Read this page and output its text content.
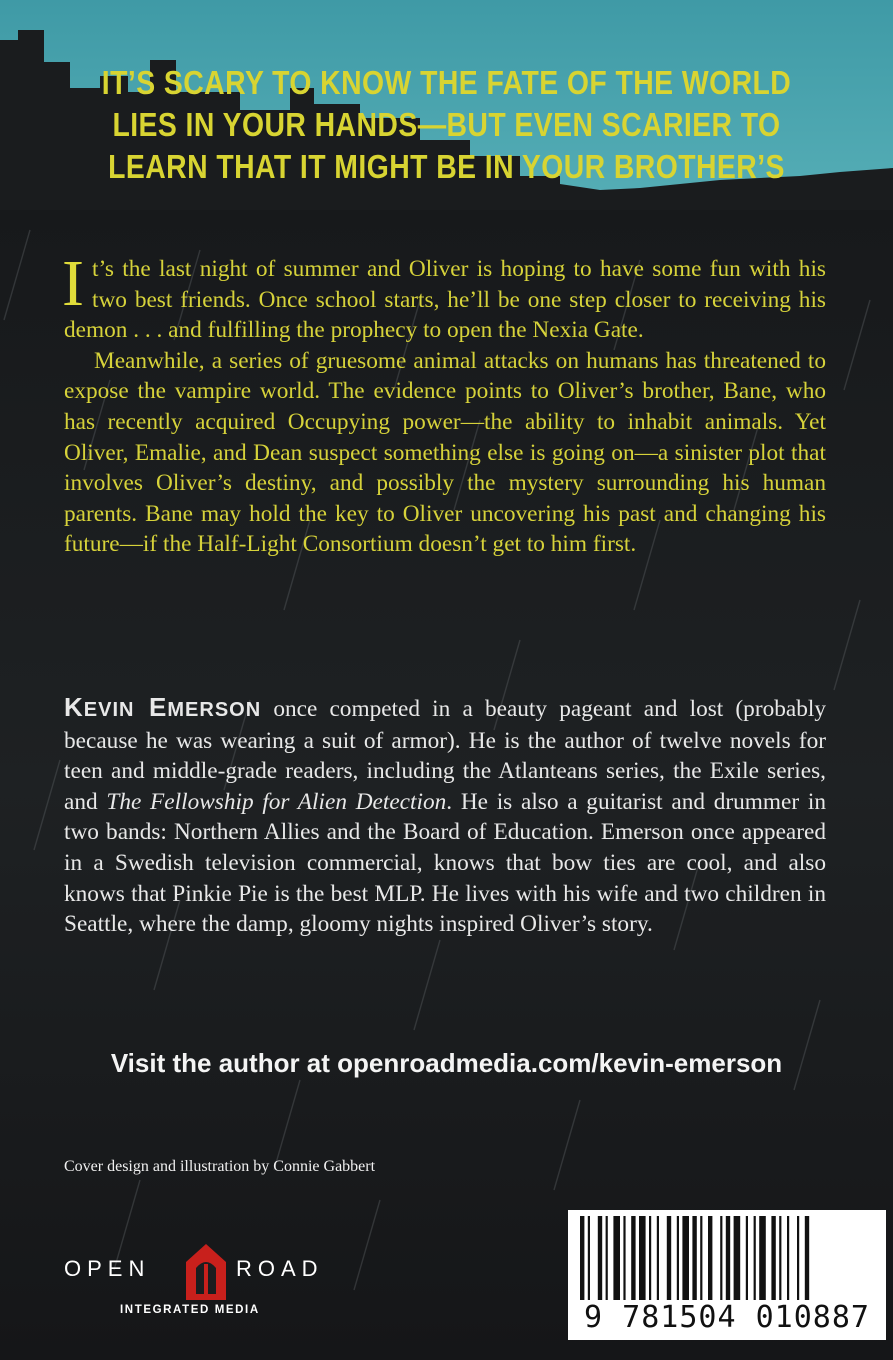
IT’S SCARY TO KNOW THE FATE OF THE WORLD
LIES IN YOUR HANDS—BUT EVEN SCARIER TO
LEARN THAT IT MIGHT BE IN YOUR BROTHER’S

It’s the last night of summer and Oliver is hoping to have some fun with his two best friends. Once school starts, he’ll be one step closer to receiving his demon . . . and fulfilling the prophecy to open the Nexia Gate.

Meanwhile, a series of gruesome animal attacks on humans has threatened to expose the vampire world. The evidence points to Oliver’s brother, Bane, who has recently acquired Occupying power—the ability to inhabit animals. Yet Oliver, Emalie, and Dean suspect something else is going on—a sinister plot that involves Oliver’s destiny, and possibly the mystery surrounding his human parents. Bane may hold the key to Oliver uncovering his past and changing his future—if the Half-Light Consortium doesn’t get to him first.

KEVIN EMERSON once competed in a beauty pageant and lost (probably because he was wearing a suit of armor). He is the author of twelve novels for teen and middle-grade readers, including the Atlanteans series, the Exile series, and The Fellowship for Alien Detection. He is also a guitarist and drummer in two bands: Northern Allies and the Board of Education. Emerson once appeared in a Swedish television commercial, knows that bow ties are cool, and also knows that Pinkie Pie is the best MLP. He lives with his wife and two children in Seattle, where the damp, gloomy nights inspired Oliver’s story.

Visit the author at openroadmedia.com/kevin-emerson
Cover design and illustration by Connie Gabbert
OPEN	ROAD
INTEGRATED MEDIA	9 781504 010887
